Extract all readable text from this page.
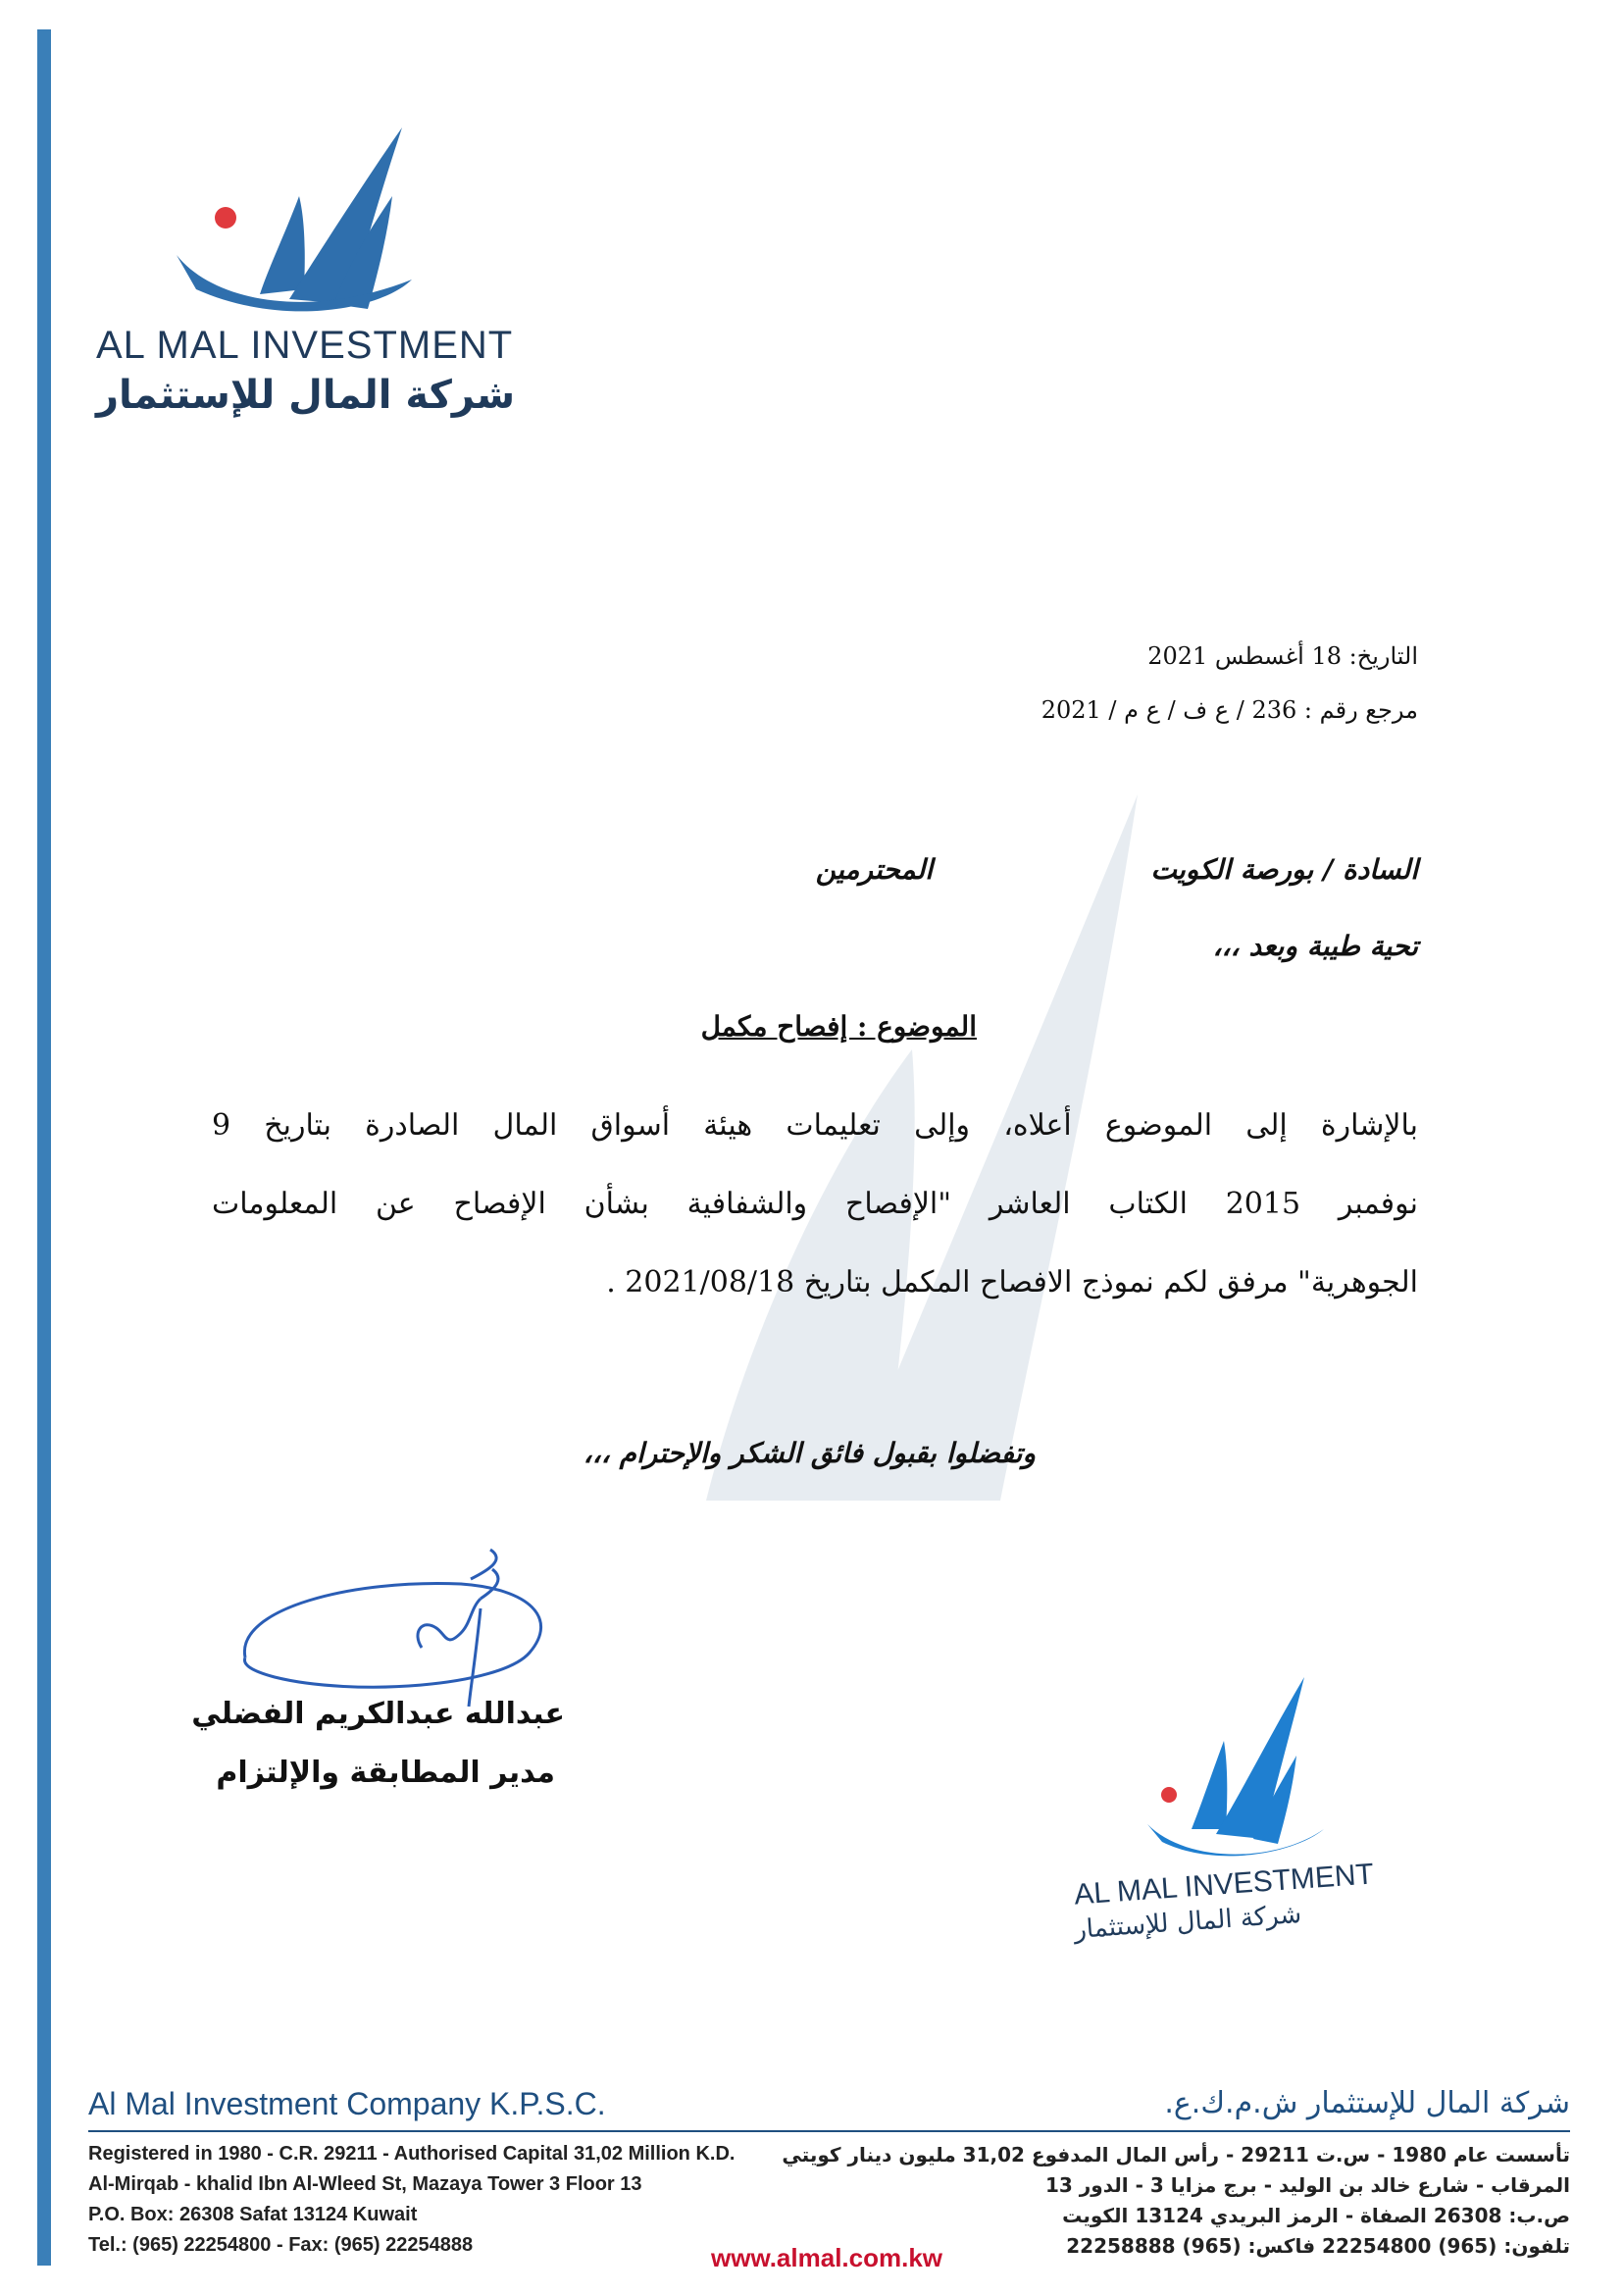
AL MAL INVESTMENT
شركة المال للإستثمار
التاريخ: 18 أغسطس 2021
مرجع رقم : 236 / ع ف / ع م / 2021
السادة / بورصة الكويت
المحترمين
تحية طيبة وبعد ،،،
الموضوع : إفصاح مكمل
بالإشارة إلى الموضوع أعلاه، وإلى تعليمات هيئة أسواق المال الصادرة بتاريخ 9
نوفمبر 2015 الكتاب العاشر "الإفصاح والشفافية بشأن الإفصاح عن المعلومات
الجوهرية" مرفق لكم نموذج الافصاح المكمل بتاريخ 2021/08/18 .
وتفضلوا بقبول فائق الشكر والإحترام ،،،
عبدالله عبدالكريم الفضلي
مدير المطابقة والإلتزام
AL MAL INVESTMENT
شركة المال للإستثمار
Al Mal Investment Company K.P.S.C.	شركة المال للإستثمار ش.م.ك.ع.
Registered in 1980 - C.R. 29211 - Authorised Capital 31,02 Million K.D.
Al-Mirqab - khalid Ibn Al-Wleed St, Mazaya Tower 3 Floor 13
P.O. Box: 26308 Safat 13124 Kuwait
Tel.: (965) 22254800 - Fax: (965) 22254888
تأسست عام 1980 - س.ت 29211 - رأس المال المدفوع 31,02 مليون دينار كويتي
المرقاب - شارع خالد بن الوليد - برج مزايا 3 - الدور 13
ص.ب: 26308 الصفاة - الرمز البريدي 13124 الكويت
تلفون: (965) 22254800 فاكس: (965) 22258888
www.almal.com.kw
